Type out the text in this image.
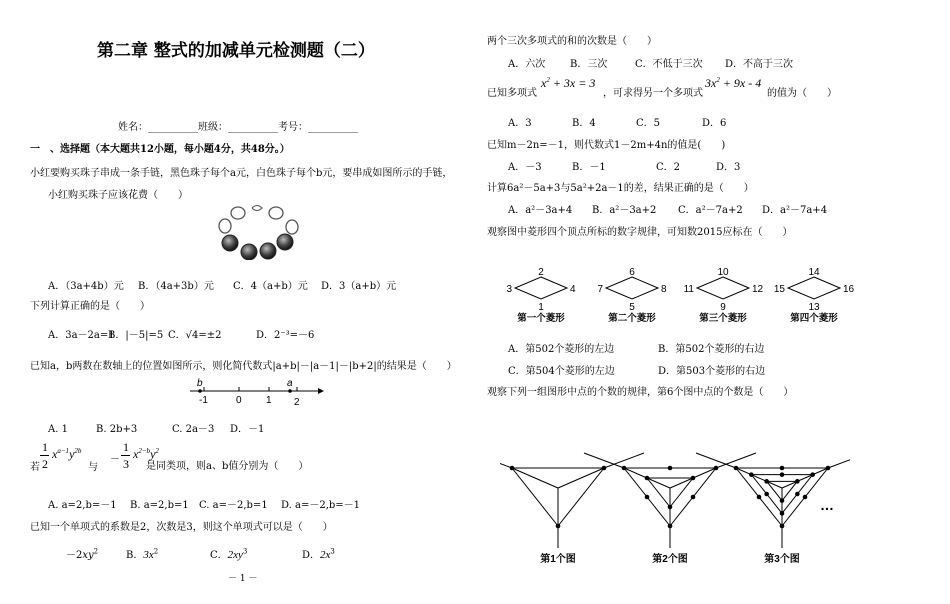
第二章 整式的加减单元检测题（二）
姓名：__________班级：__________考号：__________
一　、选择题（本大题共12小题，每小题4分，共48分。）
小红要购买珠子串成一条手链，黑色珠子每个a元，白色珠子每个b元，要串成如图所示的手链，
小红购买珠子应该花费（　　）
A．（3a+4b）元 B．（4a+3b）元 C．4（a+b）元 D．3（a+b）元
下列计算正确的是（　　）
A．3a－2a=1B．|－5|=5 C．√4=±2	D．2⁻³=－6
已知a，b两数在数轴上的位置如图所示，则化简代数式|a+b|－|a－1|－|b+2|的结果是（　　）
b	a
-1	0 1 2
A. 1	B. 2b+3	C. 2a－3 D．－1
若
1
2
$x^{a-1}y^{2b}$
与
－
1
3
$x^{2-b}y^2$
是同类项，则a、b值分别为（　　）
A. a=2,b=－1 B. a=2,b=1 C. a=－2,b=1 D. a=－2,b=－1
已知一个单项式的系数是2，次数是3，则这个单项式可以是（　　）
$-2xy^2$	B．$3x^2$	C．$2xy^3$	D．$2x^3$
－ 1 －
两个三次多项式的和的次数是（　　）
A．六次 B．三次	C．不低于三次 D．不高于三次
已知多项式
$x^2 + 3x = 3$
，可求得另一个多项式
$3x^2 + 9x - 4$
的值为（　　）
A．3	B．4	C．5	D．6
已知m－2n=－1，则代数式1－2m+4n的值是(　　)
A．－3	B．－1	C．2	D．3
计算6a²－5a+3与5a²+2a－1的差，结果正确的是（　　）
A．a²－3a+4 B．a²－3a+2 C．a²－7a+2 D．a²－7a+4
观察图中菱形四个顶点所标的数字规律，可知数2015应标在（　　）
2
3	4
1
第一个菱形
6
7	8
5
第二个菱形
10
11	12
9
第三个菱形
14
15	16
13
第四个菱形
A．第502个菱形的左边	B．第502个菱形的右边
C．第504个菱形的左边	D．第503个菱形的右边
观察下列一组图形中点的个数的规律，第6个图中点的个数是（　　）
第1个图	第2个图	第3个图
…
